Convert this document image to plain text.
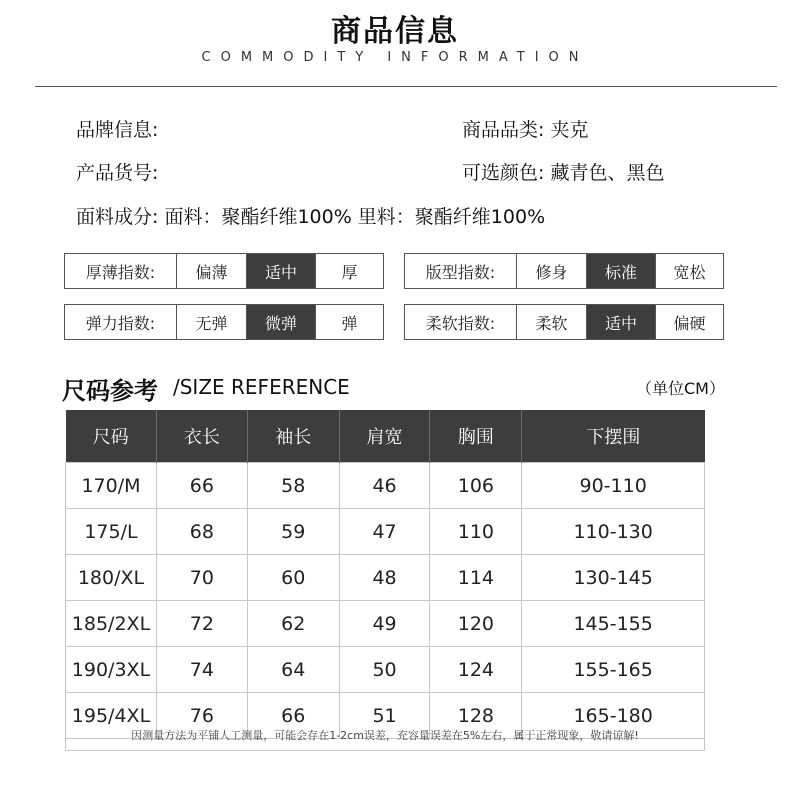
商品信息
COMMODITY INFORMATION
品牌信息:	商品品类: 夹克
产品货号:	可选颜色: 藏青色、黑色
面料成分: 面料：聚酯纤维100% 里料：聚酯纤维100%
厚薄指数:	偏薄	适中	厚	版型指数:	修身	标准	宽松
弹力指数:	无弹	微弹	弹	柔软指数:	柔软	适中	偏硬
尺码参考 /SIZE REFERENCE	（单位CM）
尺码	衣长	袖长	肩宽	胸围	下摆围
170/M	66	58	46	106	90-110
175/L	68	59	47	110	110-130
180/XL	70	60	48	114	130-145
185/2XL	72	62	49	120	145-155
190/3XL	74	64	50	124	155-165
195/4XL	76	66	51	128	165-180
因测量方法为平铺人工测量，可能会存在1-2cm误差，充容量误差在5%左右，属于正常现象，敬请谅解!
